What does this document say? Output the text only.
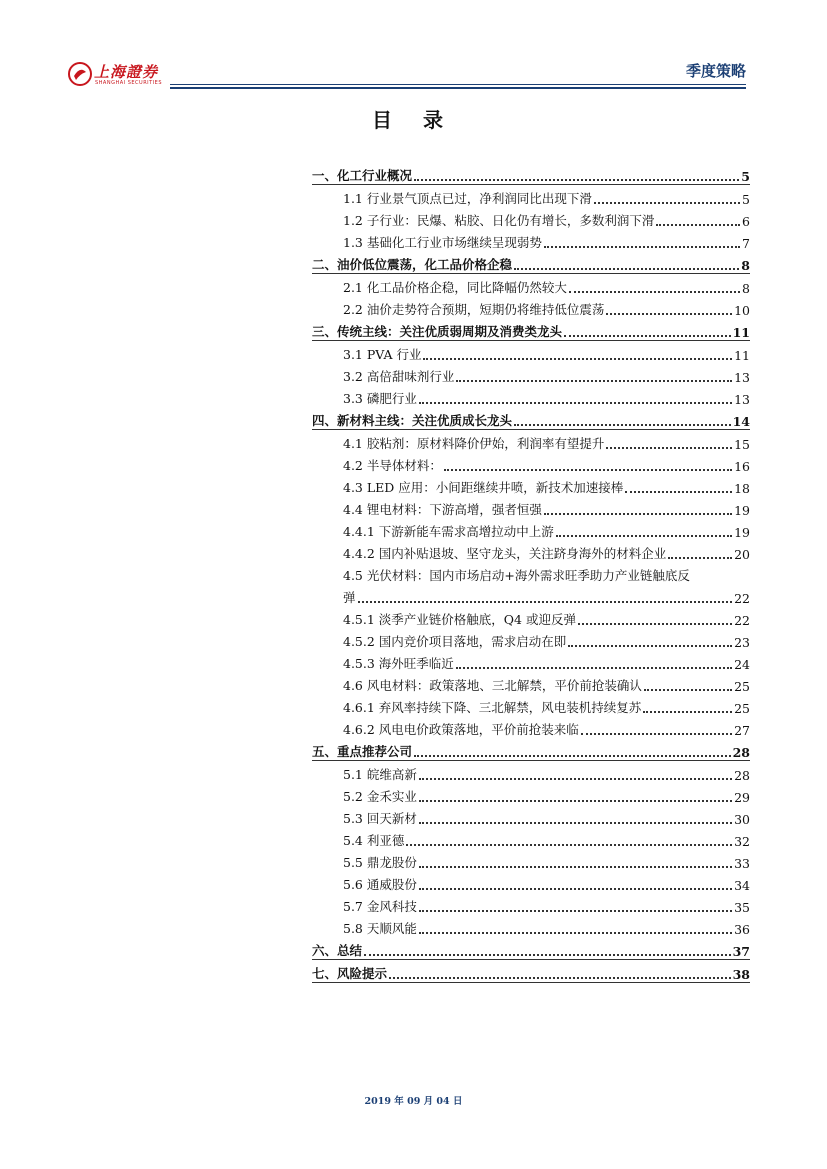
上海證券
SHANGHAI SECURITIES
季度策略
目 录
一、化工行业概况	5
1.1 行业景气顶点已过，净利润同比出现下滑	5
1.2 子行业：民爆、粘胶、日化仍有增长，多数利润下滑	6
1.3 基础化工行业市场继续呈现弱势	7
二、油价低位震荡，化工品价格企稳	8
2.1 化工品价格企稳，同比降幅仍然较大	8
2.2 油价走势符合预期，短期仍将维持低位震荡	10
三、传统主线：关注优质弱周期及消费类龙头	11
3.1 PVA 行业	11
3.2 高倍甜味剂行业	13
3.3 磷肥行业	13
四、新材料主线：关注优质成长龙头	14
4.1 胶粘剂：原材料降价伊始，利润率有望提升	15
4.2 半导体材料：	16
4.3 LED 应用：小间距继续井喷，新技术加速接棒	18
4.4 锂电材料：下游高增，强者恒强	19
4.4.1 下游新能车需求高增拉动中上游	19
4.4.2 国内补贴退坡、坚守龙头，关注跻身海外的材料企业	20
4.5 光伏材料：国内市场启动+海外需求旺季助力产业链触底反
弹	22
4.5.1 淡季产业链价格触底，Q4 或迎反弹	22
4.5.2 国内竞价项目落地，需求启动在即	23
4.5.3 海外旺季临近	24
4.6 风电材料：政策落地、三北解禁，平价前抢装确认	25
4.6.1 弃风率持续下降、三北解禁，风电装机持续复苏	25
4.6.2 风电电价政策落地，平价前抢装来临	27
五、重点推荐公司	28
5.1 皖维高新	28
5.2 金禾实业	29
5.3 回天新材	30
5.4 利亚德	32
5.5 鼎龙股份	33
5.6 通威股份	34
5.7 金风科技	35
5.8 天顺风能	36
六、总结	37
七、风险提示	38
2019 年 09 月 04 日
